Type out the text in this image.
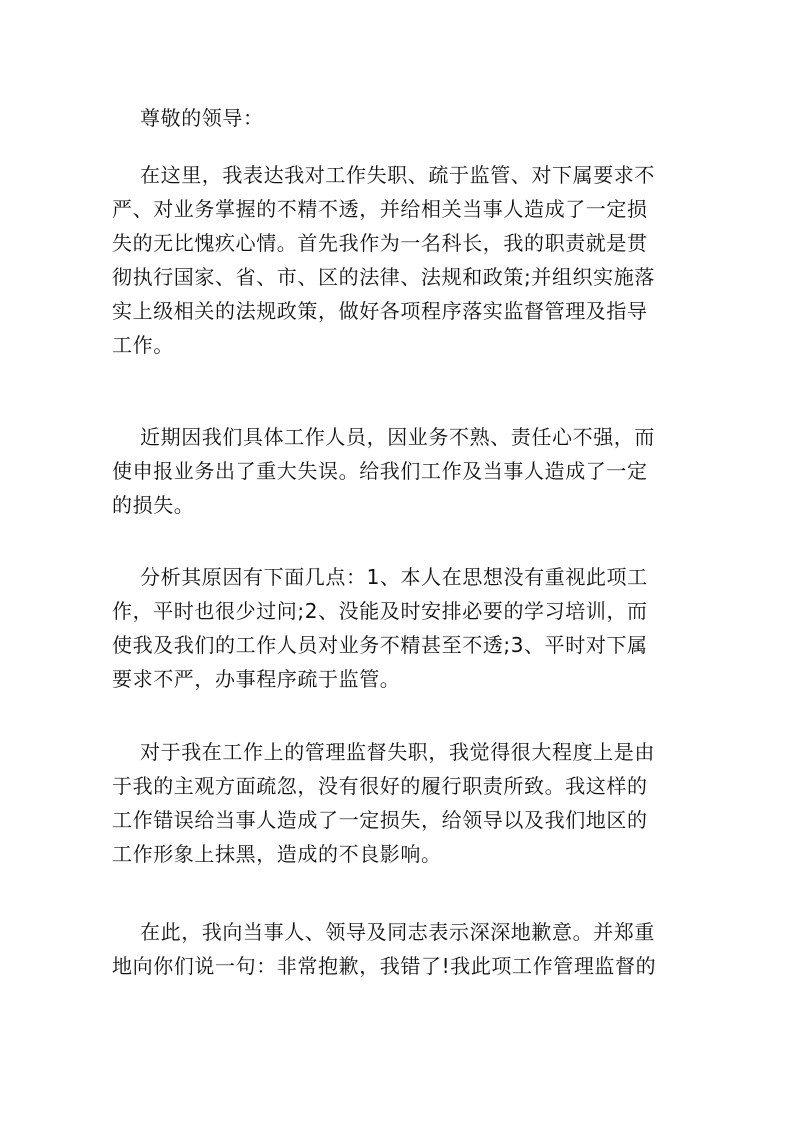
尊敬的领导：
在这里，我表达我对工作失职、疏于监管、对下属要求不
严、对业务掌握的不精不透，并给相关当事人造成了一定损
失的无比愧疚心情。首先我作为一名科长，我的职责就是贯
彻执行国家、省、市、区的法律、法规和政策;并组织实施落
实上级相关的法规政策，做好各项程序落实监督管理及指导
工作。
近期因我们具体工作人员，因业务不熟、责任心不强，而
使申报业务出了重大失误。给我们工作及当事人造成了一定
的损失。
分析其原因有下面几点：1、本人在思想没有重视此项工
作，平时也很少过问;2、没能及时安排必要的学习培训，而
使我及我们的工作人员对业务不精甚至不透;3、平时对下属
要求不严，办事程序疏于监管。
对于我在工作上的管理监督失职，我觉得很大程度上是由
于我的主观方面疏忽，没有很好的履行职责所致。我这样的
工作错误给当事人造成了一定损失，给领导以及我们地区的
工作形象上抹黑，造成的不良影响。
在此，我向当事人、领导及同志表示深深地歉意。并郑重
地向你们说一句：非常抱歉，我错了!我此项工作管理监督的
